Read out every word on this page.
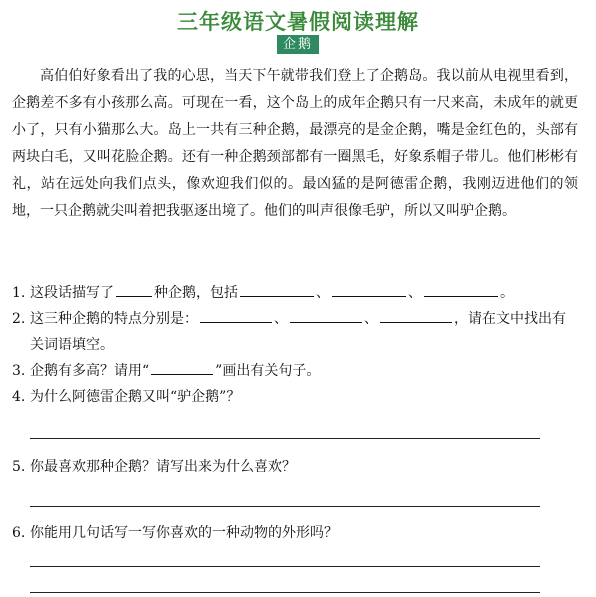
三年级语文暑假阅读理解
企鹅

高伯伯好象看出了我的心思，当天下午就带我们登上了企鹅岛。我以前从电视里看到，企鹅差不多有小孩那么高。可现在一看，这个岛上的成年企鹅只有一尺来高，未成年的就更小了，只有小猫那么大。岛上一共有三种企鹅，最漂亮的是金企鹅，嘴是金红色的，头部有两块白毛，又叫花脸企鹅。还有一种企鹅颈部都有一圈黑毛，好象系帽子带儿。他们彬彬有礼，站在远处向我们点头，像欢迎我们似的。最凶猛的是阿德雷企鹅，我刚迈进他们的领地，一只企鹅就尖叫着把我驱逐出境了。他们的叫声很像毛驴，所以又叫驴企鹅。

1. 这段话描写了	种企鹅，包括	、	、	。
2. 这三种企鹅的特点分别是：	、	、	，请在文中找出有关词语填空。
3. 企鹅有多高？请用“	”画出有关句子。
4. 为什么阿德雷企鹅又叫“驴企鹅”？
5. 你最喜欢那种企鹅？请写出来为什么喜欢？
6. 你能用几句话写一写你喜欢的一种动物的外形吗？
